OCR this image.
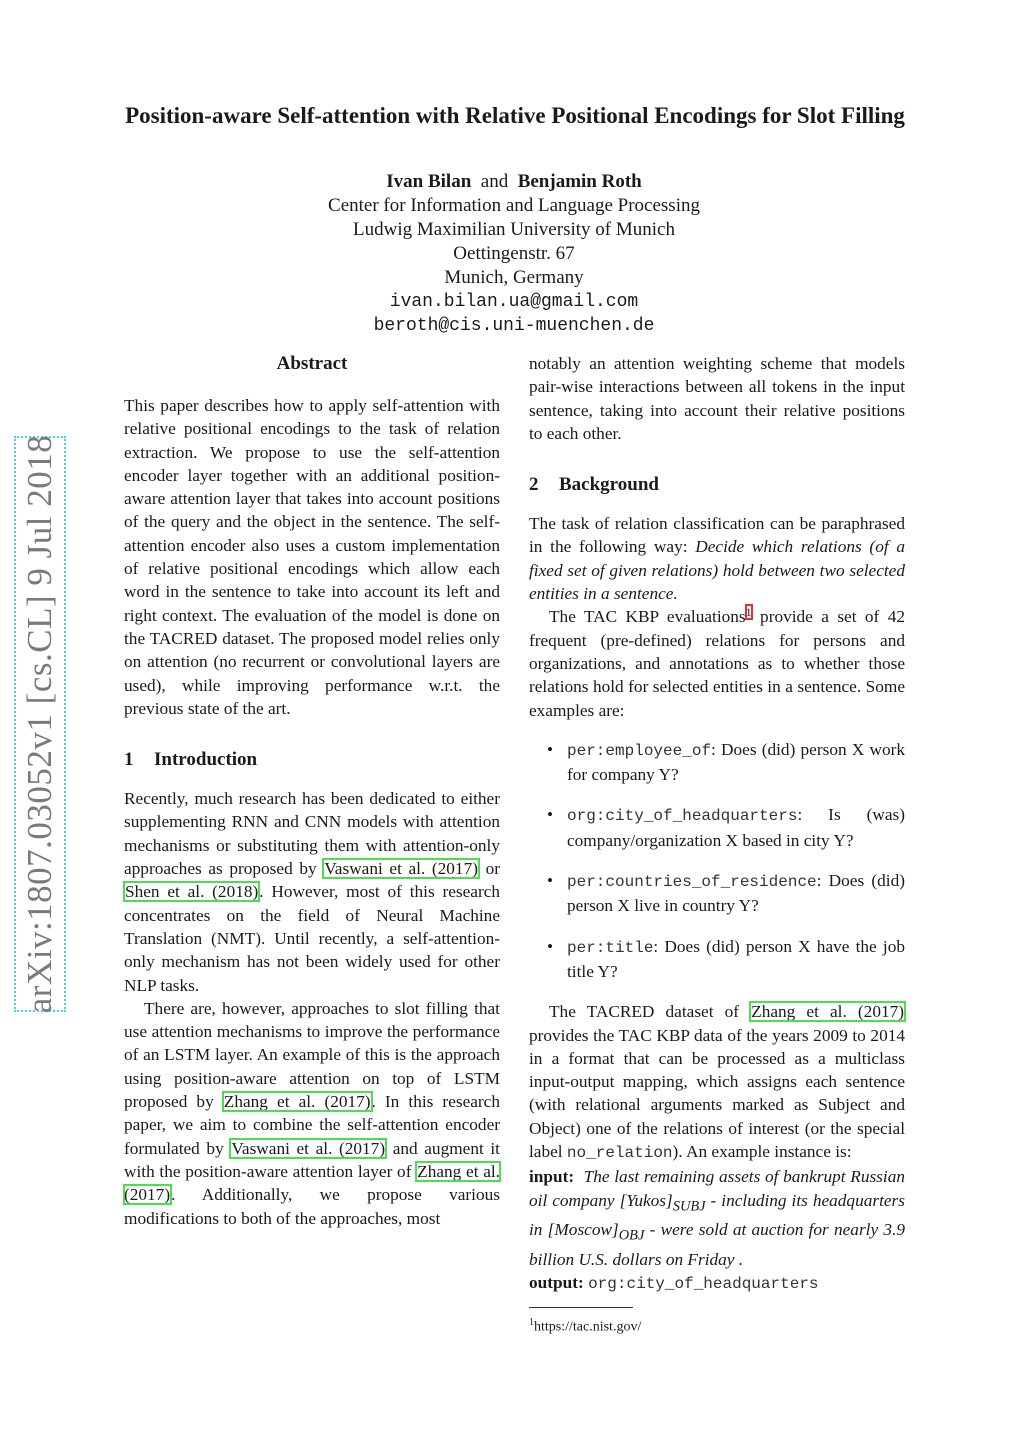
arXiv:1807.03052v1 [cs.CL] 9 Jul 2018
Position-aware Self-attention with Relative Positional Encodings for Slot Filling
Ivan Bilan and Benjamin Roth
Center for Information and Language Processing
Ludwig Maximilian University of Munich
Oettingenstr. 67
Munich, Germany
ivan.bilan.ua@gmail.com
beroth@cis.uni-muenchen.de
Abstract

This paper describes how to apply self-attention with relative positional encodings to the task of relation extraction. We propose to use the self-attention encoder layer together with an additional position-aware attention layer that takes into account positions of the query and the object in the sentence. The self-attention encoder also uses a custom implementation of relative positional encodings which allow each word in the sentence to take into account its left and right context. The evaluation of the model is done on the TACRED dataset. The proposed model relies only on attention (no recurrent or convolutional layers are used), while improving performance w.r.t. the previous state of the art.

1 Introduction

Recently, much research has been dedicated to either supplementing RNN and CNN models with attention mechanisms or substituting them with attention-only approaches as proposed by Vaswani et al. (2017) or Shen et al. (2018). However, most of this research concentrates on the field of Neural Machine Translation (NMT). Until recently, a self-attention-only mechanism has not been widely used for other NLP tasks.

There are, however, approaches to slot filling that use attention mechanisms to improve the performance of an LSTM layer. An example of this is the approach using position-aware attention on top of LSTM proposed by Zhang et al. (2017). In this research paper, we aim to combine the self-attention encoder formulated by Vaswani et al. (2017) and augment it with the position-aware attention layer of Zhang et al. (2017). Additionally, we propose various modifications to both of the approaches, most

notably an attention weighting scheme that models pair-wise interactions between all tokens in the input sentence, taking into account their relative positions to each other.

2 Background

The task of relation classification can be paraphrased in the following way: Decide which relations (of a fixed set of given relations) hold between two selected entities in a sentence.

The TAC KBP evaluations$^1$ provide a set of 42 frequent (pre-defined) relations for persons and organizations, and annotations as to whether those relations hold for selected entities in a sentence. Some examples are:

• per:employee_of: Does (did) person X work for company Y?
• org:city_of_headquarters: Is (was) company/organization X based in city Y?
• per:countries_of_residence: Does (did) person X live in country Y?
• per:title: Does (did) person X have the job title Y?

The TACRED dataset of Zhang et al. (2017) provides the TAC KBP data of the years 2009 to 2014 in a format that can be processed as a multiclass input-output mapping, which assigns each sentence (with relational arguments marked as Subject and Object) one of the relations of interest (or the special label no_relation). An example instance is:

input: The last remaining assets of bankrupt Russian oil company $[Yukos]_{SUBJ}$ - including its headquarters in $[Moscow]_{OBJ}$ - were sold at auction for nearly 3.9 billion U.S. dollars on Friday .

output: org:city_of_headquarters

$^1$https://tac.nist.gov/
